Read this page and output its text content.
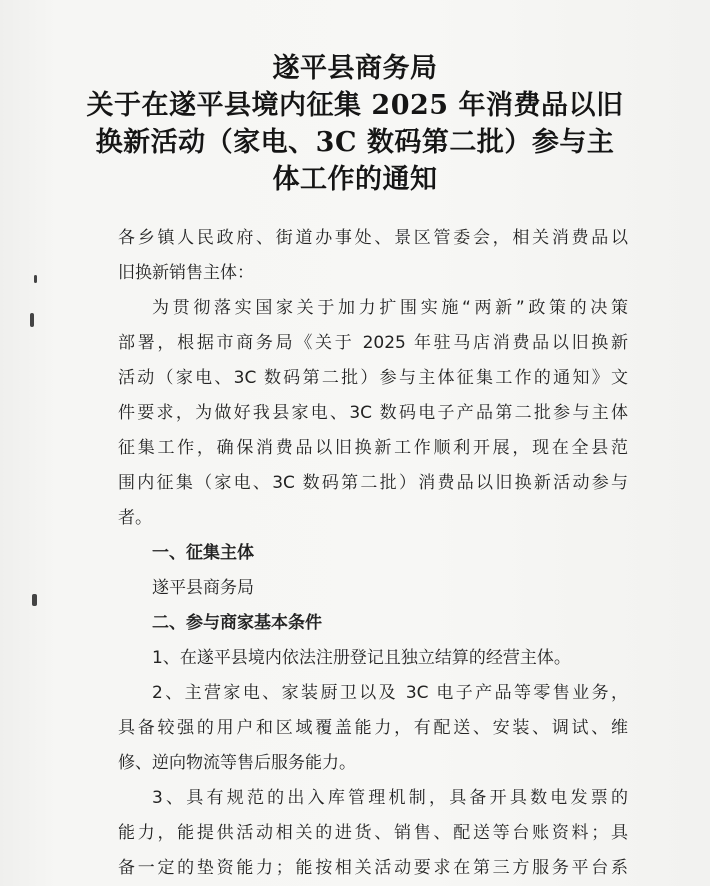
遂平县商务局
关于在遂平县境内征集 2025 年消费品以旧
换新活动（家电、3C 数码第二批）参与主
体工作的通知
各乡镇人民政府、街道办事处、景区管委会，相关消费品以
旧换新销售主体：
为贯彻落实国家关于加力扩围实施“两新”政策的决策
部署，根据市商务局《关于 2025 年驻马店消费品以旧换新
活动（家电、3C 数码第二批）参与主体征集工作的通知》文
件要求，为做好我县家电、3C 数码电子产品第二批参与主体
征集工作，确保消费品以旧换新工作顺利开展，现在全县范
围内征集（家电、3C 数码第二批）消费品以旧换新活动参与
者。
一、征集主体
遂平县商务局
二、参与商家基本条件
1、在遂平县境内依法注册登记且独立结算的经营主体。
2、主营家电、家装厨卫以及 3C 电子产品等零售业务，
具备较强的用户和区域覆盖能力，有配送、安装、调试、维
修、逆向物流等售后服务能力。
3、具有规范的出入库管理机制，具备开具数电发票的
能力，能提供活动相关的进货、销售、配送等台账资料；具
备一定的垫资能力；能按相关活动要求在第三方服务平台系
